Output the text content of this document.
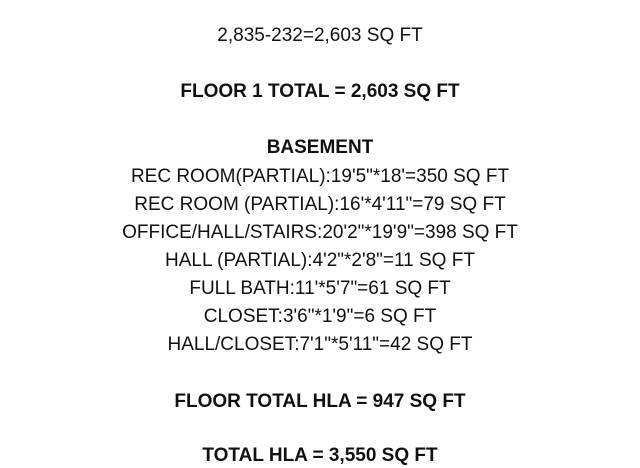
2,835-232=2,603 SQ FT
FLOOR 1 TOTAL = 2,603 SQ FT
BASEMENT
REC ROOM(PARTIAL):19'5"*18'=350 SQ FT
REC ROOM (PARTIAL):16'*4'11"=79 SQ FT
OFFICE/HALL/STAIRS:20'2"*19'9"=398 SQ FT
HALL (PARTIAL):4'2"*2'8"=11 SQ FT
FULL BATH:11'*5'7"=61 SQ FT
CLOSET:3'6"*1'9"=6 SQ FT
HALL/CLOSET:7'1"*5'11"=42 SQ FT
FLOOR TOTAL HLA = 947 SQ FT
TOTAL HLA = 3,550 SQ FT
